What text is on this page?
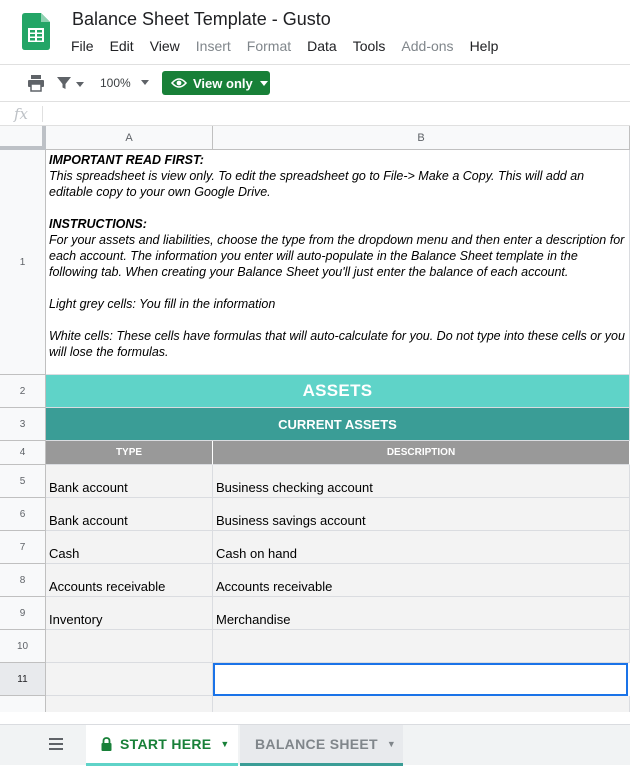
Balance Sheet Template - Gusto
File Edit View Insert Format Data Tools Add-ons Help
100%	View only
fx
A	B
1
2
3
4
5
6
7
8
9
10
11

IMPORTANT READ FIRST:

This spreadsheet is view only. To edit the spreadsheet go to File-> Make a Copy. This will add an editable copy to your own Google Drive.

INSTRUCTIONS:

For your assets and liabilities, choose the type from the dropdown menu and then enter a description for each account. The information you enter will auto-populate in the Balance Sheet template in the following tab. When creating your Balance Sheet you'll just enter the balance of each account.

Light grey cells: You fill in the information

White cells: These cells have formulas that will auto-calculate for you. Do not type into these cells or you will lose the formulas.

ASSETS
CURRENT ASSETS
TYPE	DESCRIPTION
Bank account	Business checking account
Bank account	Business savings account
Cash	Cash on hand
Accounts receivable	Accounts receivable
Inventory	Merchandise
START HERE ▼ BALANCE SHEET ▼
